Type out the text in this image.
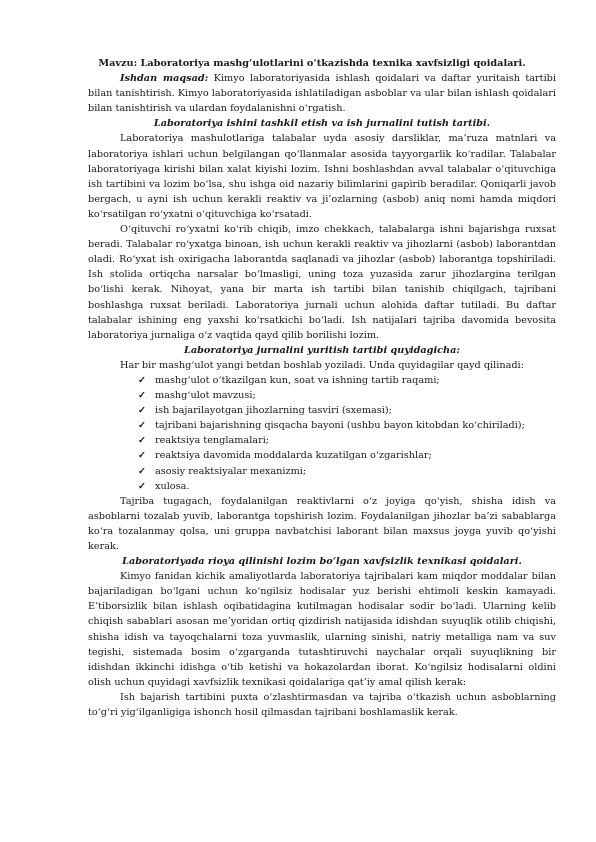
Mavzu: Laboratoriya mashg‘ulotlarini o‘tkazishda texnika xavfsizligi qoidalari.

Ishdan maqsad: Kimyo laboratoriyasida ishlash qoidalari va daftar yuritaish tartibi bilan tanishtirish. Kimyo laboratoriyasida ishlatiladigan asboblar va ular bilan ishlash qoidalari bilan tanishtirish va ulardan foydalanishni o‘rgatish.

Laboratoriya ishini tashkil etish va ish jurnalini tutish tartibi.

Laboratoriya mashulotlariga talabalar uyda asosiy darsliklar, ma’ruza matnlari va laboratoriya ishlari uchun belgilangan qo‘llanmalar asosida tayyorgarlik ko‘radilar. Talabalar laboratoriyaga kirishi bilan xalat kiyishi lozim. Ishni boshlashdan avval talabalar o‘qituvchiga ish tartibini va lozim bo‘lsa, shu ishga oid nazariy bilimlarini gapirib beradilar. Qoniqarli javob bergach, u ayni ish uchun kerakli reaktiv va ji’ozlarning (asbob) aniq nomi hamda miqdori ko‘rsatilgan ro‘yxatni o‘qituvchiga ko‘rsatadi.

O‘qituvchi ro‘yxatni ko‘rib chiqib, imzo chekkach, talabalarga ishni bajarishga ruxsat beradi. Talabalar ro‘yxatga binoan, ish uchun kerakli reaktiv va jihozlarni (asbob) laborantdan oladi. Ro‘yxat ish oxirigacha laborantda saqlanadi va jihozlar (asbob) laborantga topshiriladi. Ish stolida ortiqcha narsalar bo‘lmasligi, uning toza yuzasida zarur jihozlargina terilgan bo‘lishi kerak. Nihoyat, yana bir marta ish tartibi bilan tanishib chiqilgach, tajribani boshlashga ruxsat beriladi. Laboratoriya jurnali uchun alohida daftar tutiladi. Bu daftar talabalar ishining eng yaxshi ko‘rsatkichi bo‘ladi. Ish natijalari tajriba davomida bevosita laboratoriya jurnaliga o‘z vaqtida qayd qilib borilishi lozim.

Laboratoriya jurnalini yuritish tartibi quyidagicha:

Har bir mashg‘ulot yangi betdan boshlab yoziladi. Unda quyidagilar qayd qilinadi:

✓ mashg‘ulot o‘tkazilgan kun, soat va ishning tartib raqami;
✓ mashg‘ulot mavzusi;
✓ ish bajarilayotgan jihozlarning tasviri (sxemasi);
✓ tajribani bajarishning qisqacha bayoni (ushbu bayon kitobdan ko‘chiriladi);
✓ reaktsiya tenglamalari;
✓ reaktsiya davomida moddalarda kuzatilgan o‘zgarishlar;
✓ asosiy reaktsiyalar mexanizmi;
✓ xulosa.

Tajriba tugagach, foydalanilgan reaktivlarni o‘z joyiga qo‘yish, shisha idish va asboblarni tozalab yuvib, laborantga topshirish lozim. Foydalanilgan jihozlar ba’zi sabablarga ko‘ra tozalanmay qolsa, uni gruppa navbatchisi laborant bilan maxsus joyga yuvib qo‘yishi kerak.

Laboratoriyada rioya qilinishi lozim bo‘lgan xavfsizlik texnikasi qoidalari.

Kimyo fanidan kichik amaliyotlarda laboratoriya tajribalari kam miqdor moddalar bilan bajariladigan bo‘lgani uchun ko‘ngilsiz hodisalar yuz berishi ehtimoli keskin kamayadi. E’tiborsizlik bilan ishlash oqibatidagina kutilmagan hodisalar sodir bo‘ladi. Ularning kelib chiqish sabablari asosan me’yoridan ortiq qizdirish natijasida idishdan suyuqlik otilib chiqishi, shisha idish va tayoqchalarni toza yuvmaslik, ularning sinishi, natriy metalliga nam va suv tegishi, sistemada bosim o‘zgarganda tutashtiruvchi naychalar orqali suyuqlikning bir idishdan ikkinchi idishga o‘tib ketishi va hokazolardan iborat. Ko‘ngilsiz hodisalarni oldini olish uchun quyidagi xavfsizlik texnikasi qoidalariga qat’iy amal qilish kerak:

Ish bajarish tartibini puxta o‘zlashtirmasdan va tajriba o‘tkazish uchun asboblarning to‘g‘ri yig‘ilganligiga ishonch hosil qilmasdan tajribani boshlamaslik kerak.
